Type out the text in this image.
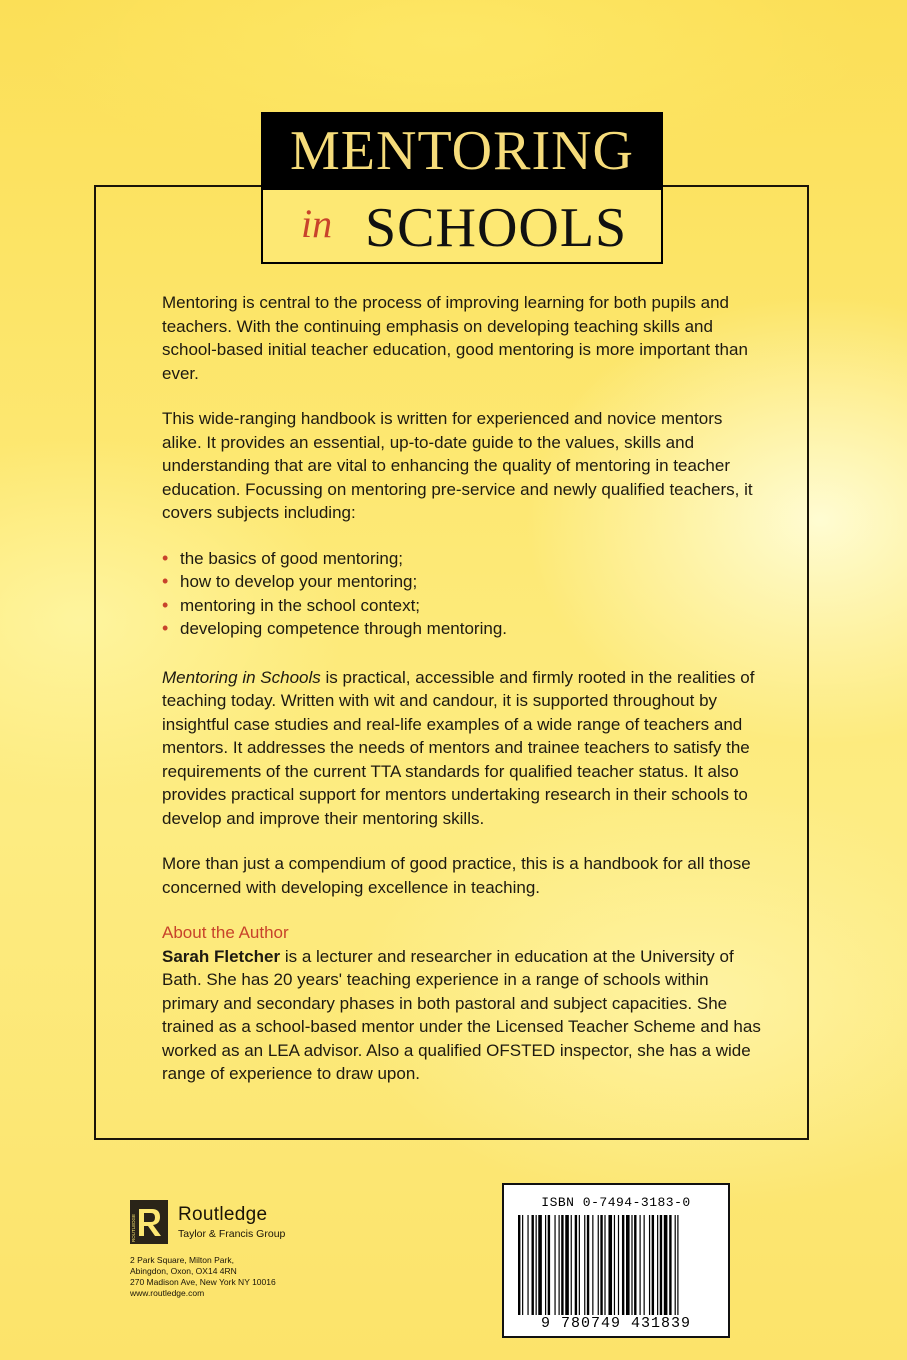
MENTORING
in SCHOOLS

Mentoring is central to the process of improving learning for both pupils and teachers. With the continuing emphasis on developing teaching skills and school-based initial teacher education, good mentoring is more important than ever.

This wide-ranging handbook is written for experienced and novice mentors alike. It provides an essential, up-to-date guide to the values, skills and understanding that are vital to enhancing the quality of mentoring in teacher education. Focussing on mentoring pre-service and newly qualified teachers, it covers subjects including:

• the basics of good mentoring;
• how to develop your mentoring;
• mentoring in the school context;
• developing competence through mentoring.

Mentoring in Schools is practical, accessible and firmly rooted in the realities of teaching today. Written with wit and candour, it is supported throughout by insightful case studies and real-life examples of a wide range of teachers and mentors. It addresses the needs of mentors and trainee teachers to satisfy the requirements of the current TTA standards for qualified teacher status. It also provides practical support for mentors undertaking research in their schools to develop and improve their mentoring skills.

More than just a compendium of good practice, this is a handbook for all those concerned with developing excellence in teaching.

About the Author

Sarah Fletcher is a lecturer and researcher in education at the University of Bath. She has 20 years' teaching experience in a range of schools within primary and secondary phases in both pastoral and subject capacities. She trained as a school-based mentor under the Licensed Teacher Scheme and has worked as an LEA advisor. Also a qualified OFSTED inspector, she has a wide range of experience to draw upon.

ROUTLEDGE Routledge
Taylor & Francis Group
2 Park Square, Milton Park,
Abingdon, Oxon, OX14 4RN
270 Madison Ave, New York NY 10016
www.routledge.com
ISBN 0-7494-3183-0
9 780749 431839
